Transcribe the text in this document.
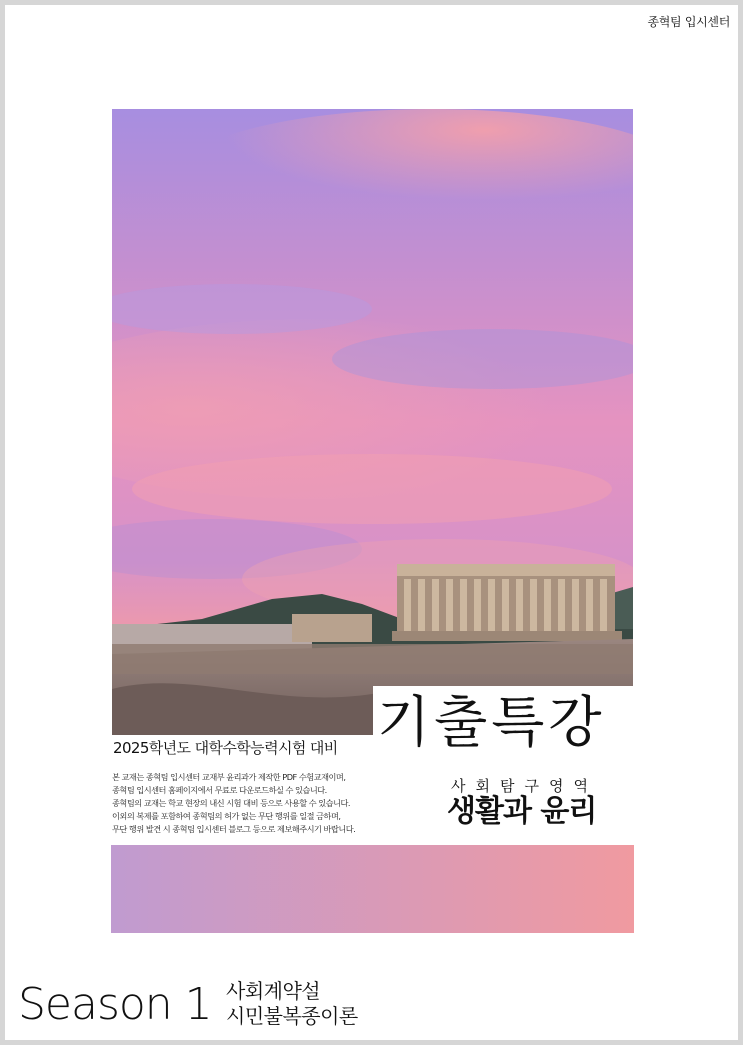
종혁팀 입시센터
기출특강
2025학년도 대학수학능력시험 대비

본 교재는 종혁팀 입시센터 교재부 윤리과가 제작한 PDF 수험교재이며,

종혁팀 입시센터 홈페이지에서 무료로 다운로드하실 수 있습니다.

종혁팀의 교재는 학교 현장의 내신 시험 대비 등으로 사용할 수 있습니다.

이외의 복제를 포함하여 종혁팀의 허가 없는 무단 행위를 일절 금하며,

무단 행위 발견 시 종혁팀 입시센터 블로그 등으로 제보해주시기 바랍니다.

사회탐구영역
생활과 윤리
Season 1 사회계약설
시민불복종이론
